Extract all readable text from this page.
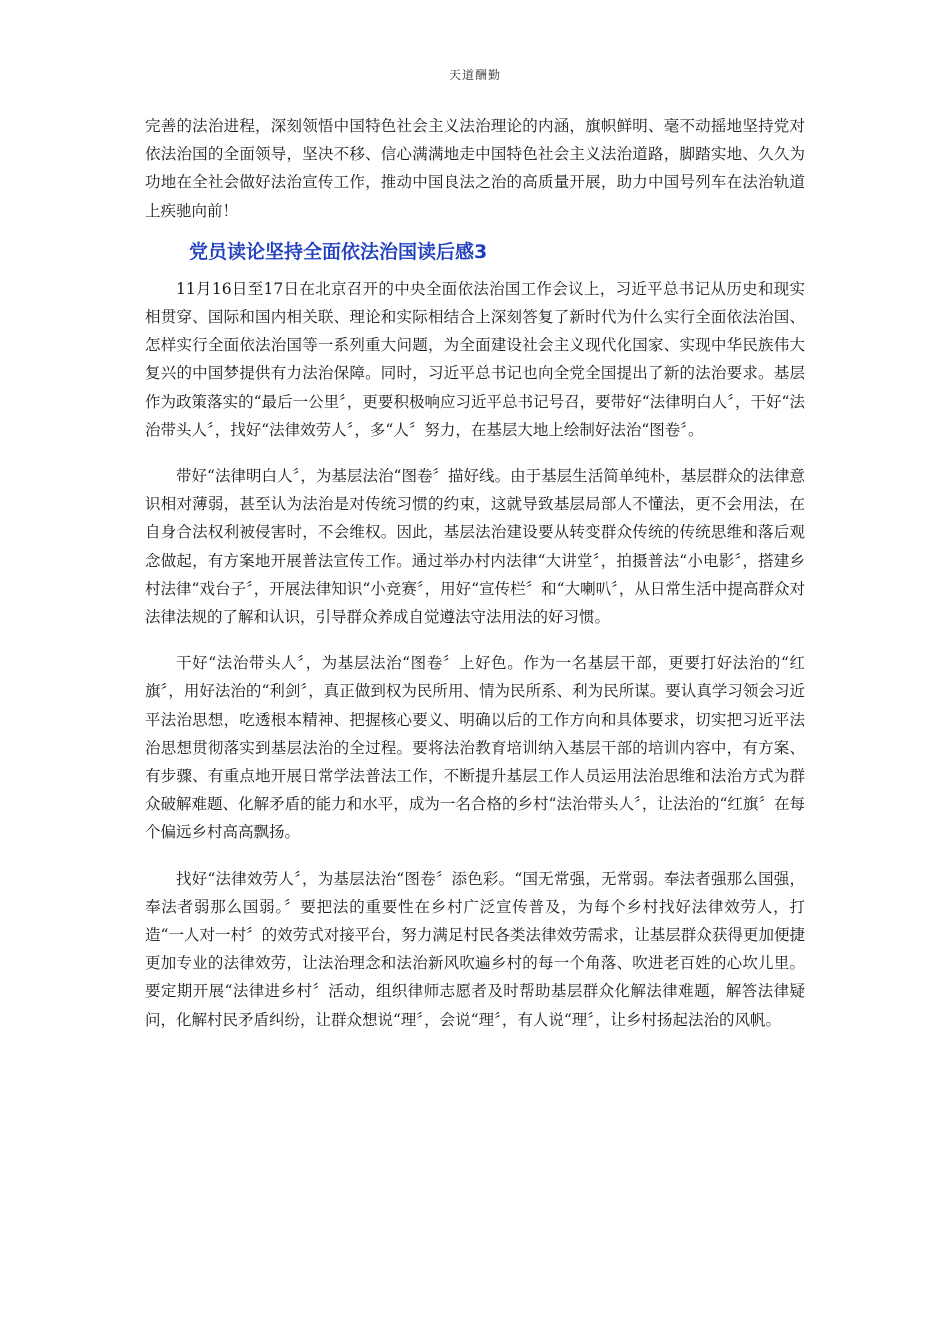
天道酬勤

完善的法治进程，深刻领悟中国特色社会主义法治理论的内涵，旗帜鲜明、毫不动摇地坚持党对依法治国的全面领导，坚决不移、信心满满地走中国特色社会主义法治道路，脚踏实地、久久为功地在全社会做好法治宣传工作，推动中国良法之治的高质量开展，助力中国号列车在法治轨道上疾驰向前！

党员读论坚持全面依法治国读后感3

11月16日至17日在北京召开的中央全面依法治国工作会议上，习近平总书记从历史和现实相贯穿、国际和国内相关联、理论和实际相结合上深刻答复了新时代为什么实行全面依法治国、怎样实行全面依法治国等一系列重大问题，为全面建设社会主义现代化国家、实现中华民族伟大复兴的中国梦提供有力法治保障。同时，习近平总书记也向全党全国提出了新的法治要求。基层作为政策落实的“最后一公里〞，更要积极响应习近平总书记号召，要带好“法律明白人〞，干好“法治带头人〞，找好“法律效劳人〞，多“人〞努力，在基层大地上绘制好法治“图卷〞。

带好“法律明白人〞，为基层法治“图卷〞描好线。由于基层生活简单纯朴，基层群众的法律意识相对薄弱，甚至认为法治是对传统习惯的约束，这就导致基层局部人不懂法，更不会用法，在自身合法权利被侵害时，不会维权。因此，基层法治建设要从转变群众传统的传统思维和落后观念做起，有方案地开展普法宣传工作。通过举办村内法律“大讲堂〞，拍摄普法“小电影〞，搭建乡村法律“戏台子〞，开展法律知识“小竞赛〞，用好“宣传栏〞和“大喇叭〞，从日常生活中提高群众对法律法规的了解和认识，引导群众养成自觉遵法守法用法的好习惯。

干好“法治带头人〞，为基层法治“图卷〞上好色。作为一名基层干部，更要打好法治的“红旗〞，用好法治的“利剑〞，真正做到权为民所用、情为民所系、利为民所谋。要认真学习领会习近平法治思想，吃透根本精神、把握核心要义、明确以后的工作方向和具体要求，切实把习近平法治思想贯彻落实到基层法治的全过程。要将法治教育培训纳入基层干部的培训内容中，有方案、有步骤、有重点地开展日常学法普法工作，不断提升基层工作人员运用法治思维和法治方式为群众破解难题、化解矛盾的能力和水平，成为一名合格的乡村“法治带头人〞，让法治的“红旗〞在每个偏远乡村高高飘扬。

找好“法律效劳人〞，为基层法治“图卷〞添色彩。“国无常强，无常弱。奉法者强那么国强，奉法者弱那么国弱。〞要把法的重要性在乡村广泛宣传普及，为每个乡村找好法律效劳人，打造“一人对一村〞的效劳式对接平台，努力满足村民各类法律效劳需求，让基层群众获得更加便捷更加专业的法律效劳，让法治理念和法治新风吹遍乡村的每一个角落、吹进老百姓的心坎儿里。要定期开展“法律进乡村〞活动，组织律师志愿者及时帮助基层群众化解法律难题，解答法律疑问，化解村民矛盾纠纷，让群众想说“理〞，会说“理〞，有人说“理〞，让乡村扬起法治的风帆。
